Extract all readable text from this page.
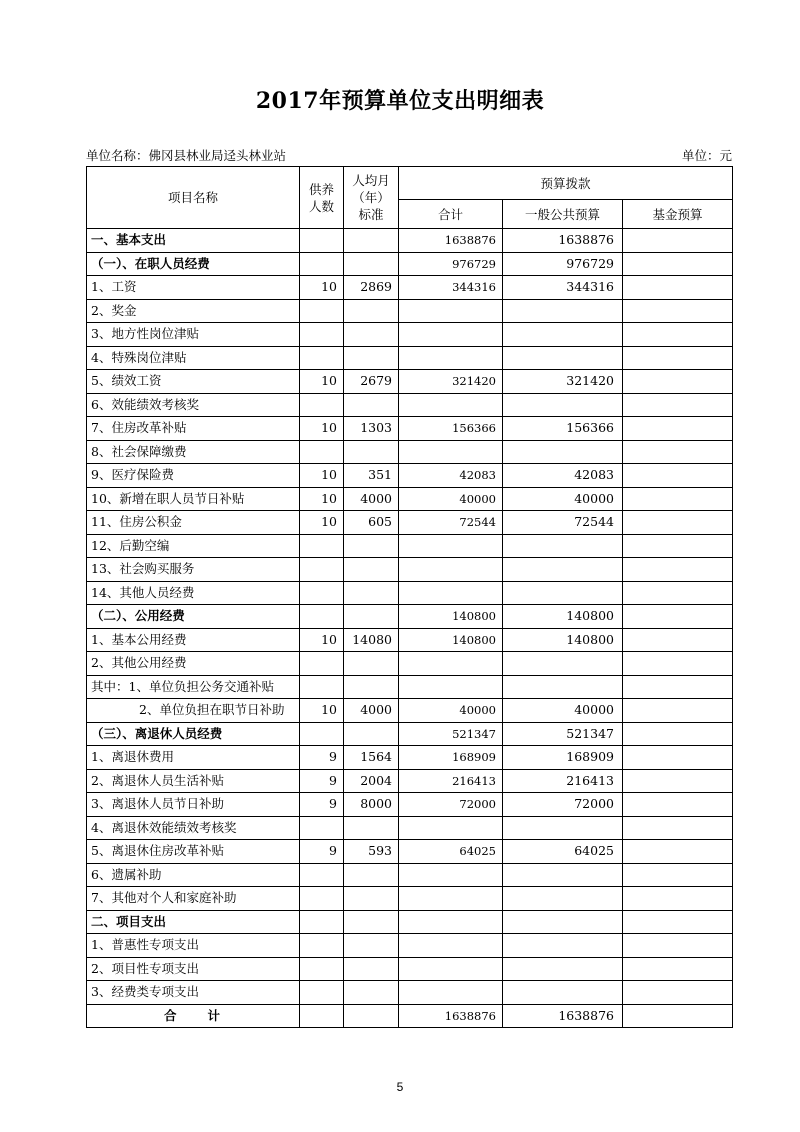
2017年预算单位支出明细表
单位名称：佛冈县林业局迳头林业站	单位：元
项目名称	供养人数	人均月（年）标准	预算拨款		
			合计	一般公共预算	基金预算
一、基本支出			1638876	1638876	
（一）、在职人员经费			976729	976729	
1、工资	10	2869	344316	344316	
2、奖金					
3、地方性岗位津贴					
4、特殊岗位津贴					
5、绩效工资	10	2679	321420	321420	
6、效能绩效考核奖					
7、住房改革补贴	10	1303	156366	156366	
8、社会保障缴费					
9、医疗保险费	10	351	42083	42083	
10、新增在职人员节日补贴	10	4000	40000	40000	
11、住房公积金	10	605	72544	72544	
12、后勤空编					
13、社会购买服务					
14、其他人员经费					
（二）、公用经费			140800	140800	
1、基本公用经费	10	14080	140800	140800	
2、其他公用经费					
其中：1、单位负担公务交通补贴					
2、单位负担在职节日补助	10	4000	40000	40000	
（三）、离退休人员经费			521347	521347	
1、离退休费用	9	1564	168909	168909	
2、离退休人员生活补贴	9	2004	216413	216413	
3、离退休人员节日补助	9	8000	72000	72000	
4、离退休效能绩效考核奖					
5、离退休住房改革补贴	9	593	64025	64025	
6、遗属补助					
7、其他对个人和家庭补助					
二、项目支出					
1、普惠性专项支出					
2、项目性专项支出					
3、经费类专项支出					
合　　计			1638876	1638876	
5
